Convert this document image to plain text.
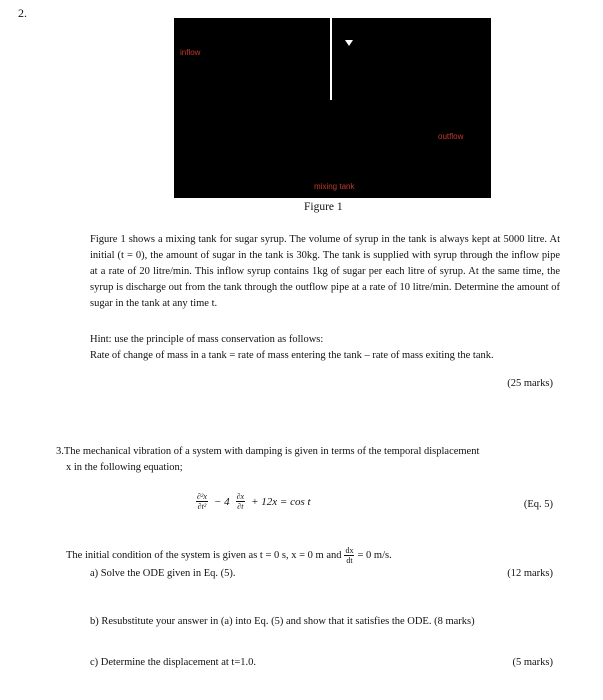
2.
inflow
outflow
mixing tank
Figure 1
Figure 1 shows a mixing tank for sugar syrup. The volume of syrup in the tank is always kept at 5000 litre. At initial (t = 0), the amount of sugar in the tank is 30kg. The tank is supplied with syrup through the inflow pipe at a rate of 20 litre/min. This inflow syrup contains 1kg of sugar per each litre of syrup. At the same time, the syrup is discharge out from the tank through the outflow pipe at a rate of 10 litre/min. Determine the amount of sugar in the tank at any time t.
Hint: use the principle of mass conservation as follows:
Rate of change of mass in a tank = rate of mass entering the tank – rate of mass exiting the tank.
(25 marks)
3.The mechanical vibration of a system with damping is given in terms of the temporal displacement
x in the following equation;
$\frac{\text{∂²x}}{\text{∂t²}} - 4 \frac{\partial x}{\partial t} + 12x = \cos t$	(Eq. 5)
The initial condition of the system is given as t = 0 s, x = 0 m and $\frac{dx}{dt} = 0$ m/s.
a) Solve the ODE given in Eq. (5).	(12 marks)
b) Resubstitute your answer in (a) into Eq. (5) and show that it satisfies the ODE. (8 marks)
c) Determine the displacement at t=1.0.	(5 marks)
